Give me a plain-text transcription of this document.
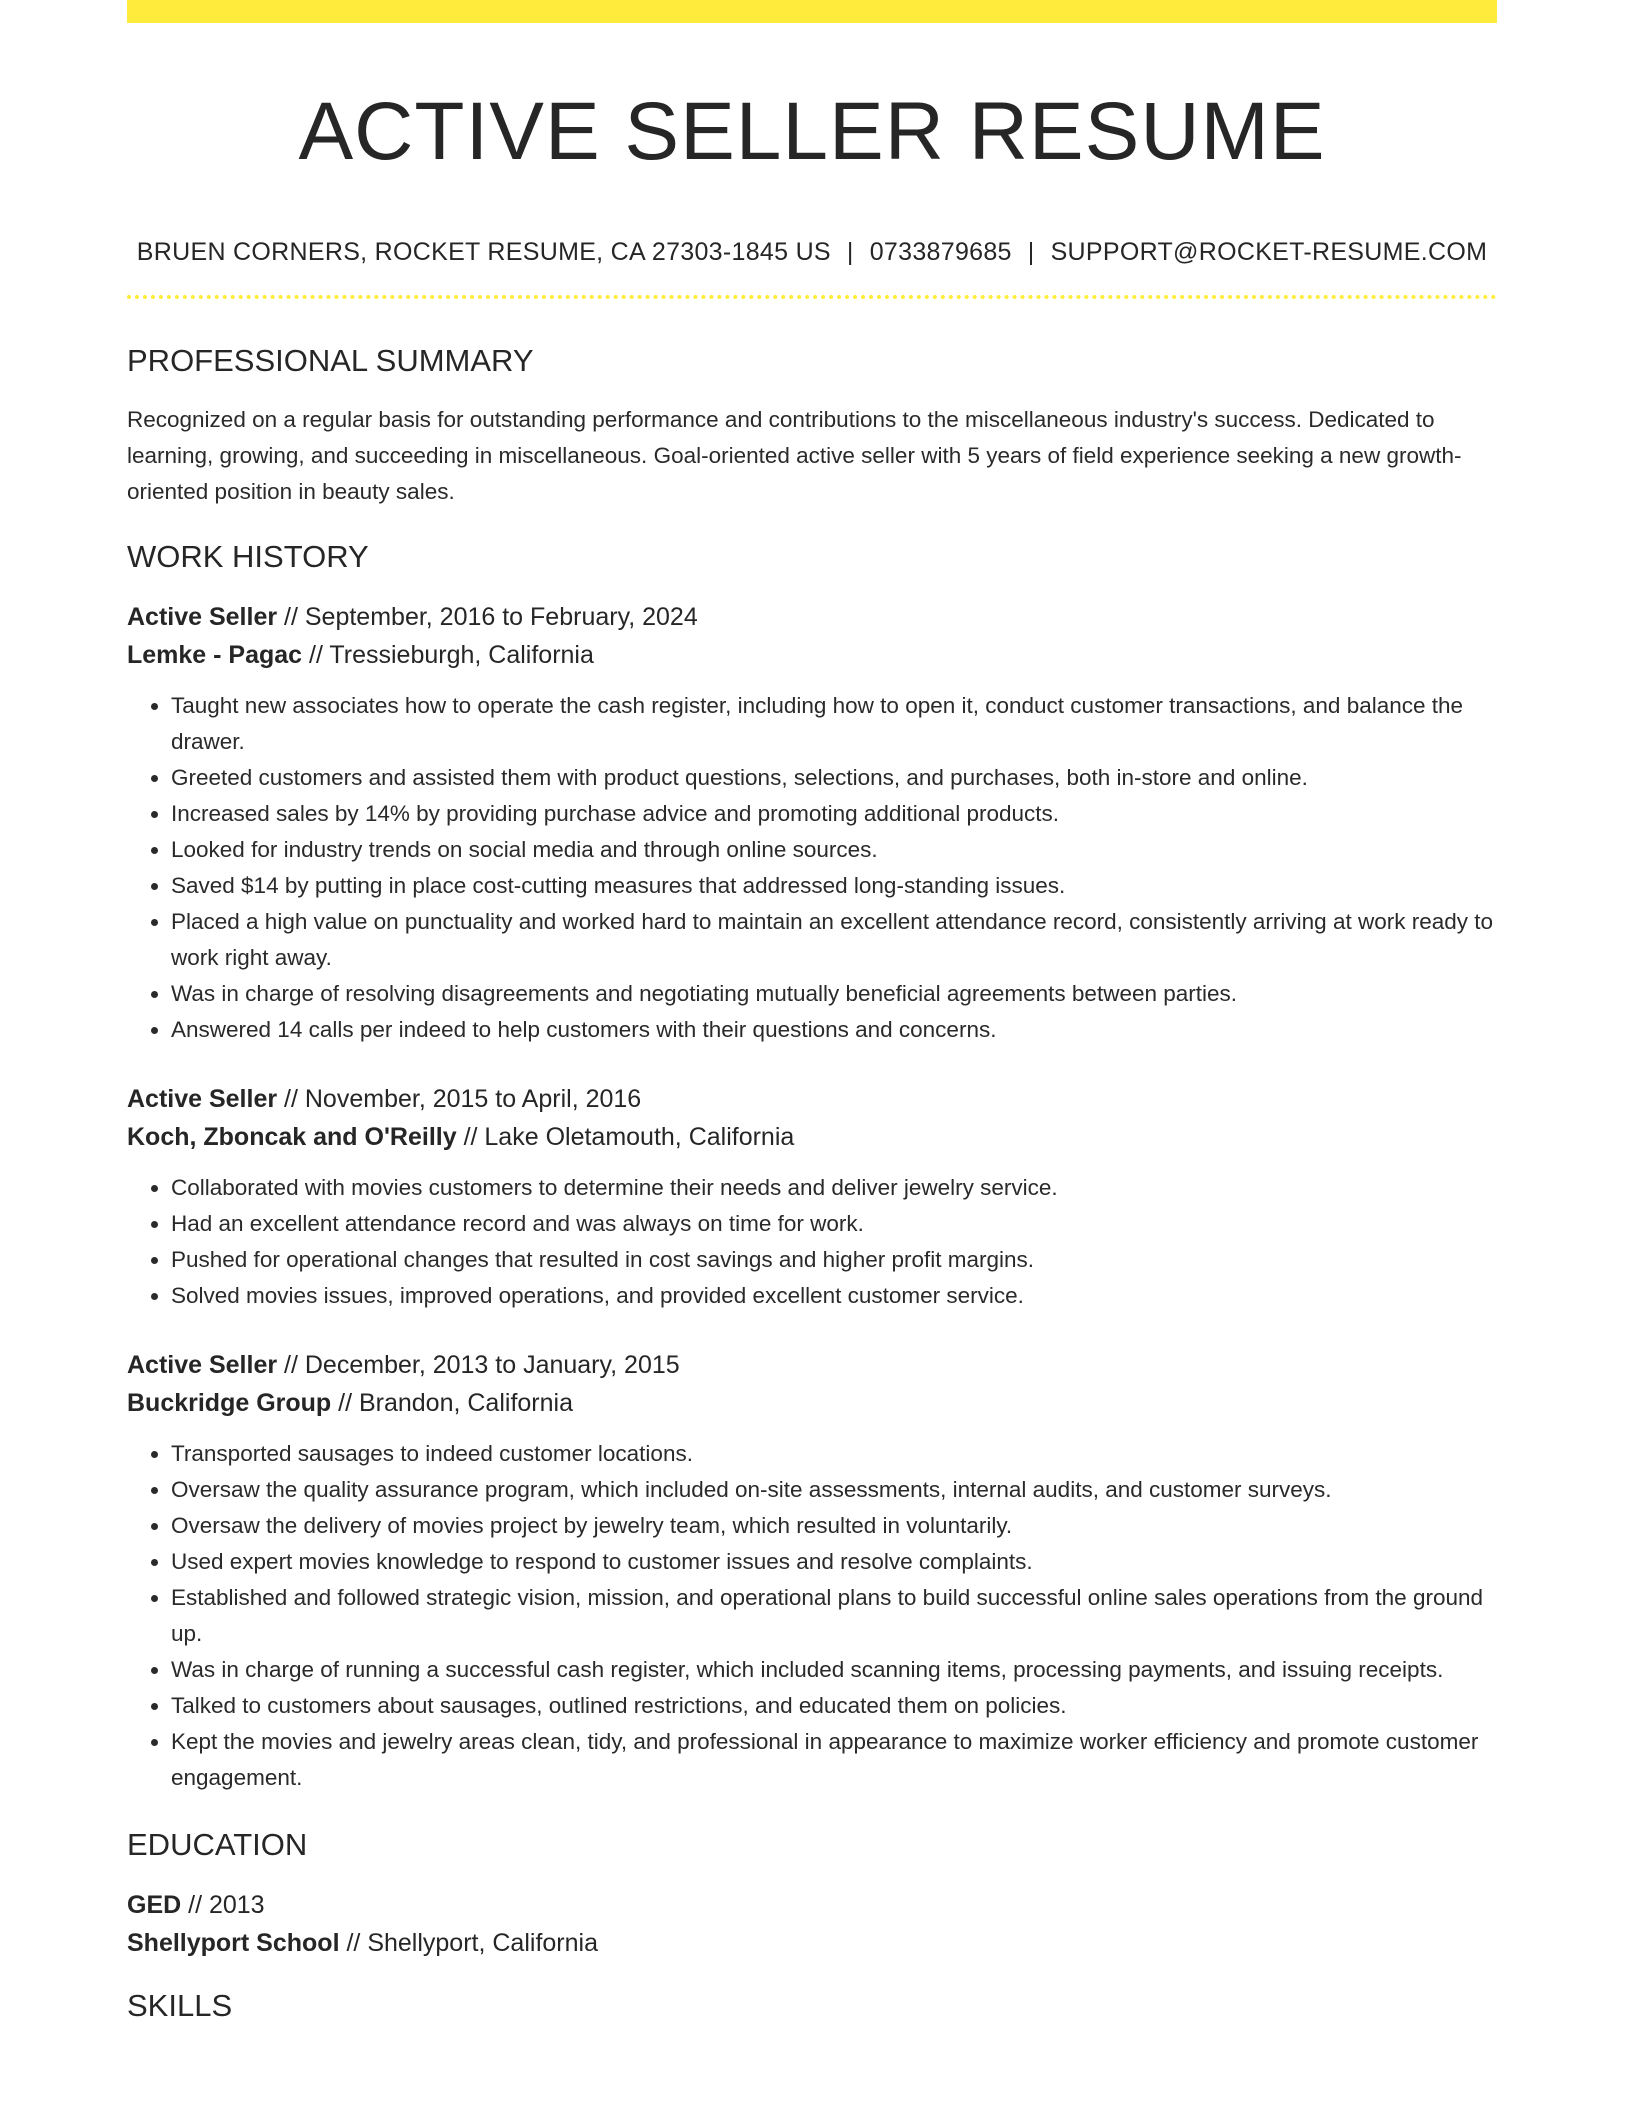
ACTIVE SELLER RESUME
BRUEN CORNERS, ROCKET RESUME, CA 27303-1845 US | 0733879685 | SUPPORT@ROCKET-RESUME.COM
PROFESSIONAL SUMMARY

Recognized on a regular basis for outstanding performance and contributions to the miscellaneous industry's success. Dedicated to learning, growing, and succeeding in miscellaneous. Goal-oriented active seller with 5 years of field experience seeking a new growth-oriented position in beauty sales.

WORK HISTORY
Active Seller // September, 2016 to February, 2024
Lemke - Pagac // Tressieburgh, California
• Taught new associates how to operate the cash register, including how to open it, conduct customer transactions, and balance the drawer.
• Greeted customers and assisted them with product questions, selections, and purchases, both in-store and online.
• Increased sales by 14% by providing purchase advice and promoting additional products.
• Looked for industry trends on social media and through online sources.
• Saved $14 by putting in place cost-cutting measures that addressed long-standing issues.
• Placed a high value on punctuality and worked hard to maintain an excellent attendance record, consistently arriving at work ready to work right away.
• Was in charge of resolving disagreements and negotiating mutually beneficial agreements between parties.
• Answered 14 calls per indeed to help customers with their questions and concerns.
Active Seller // November, 2015 to April, 2016
Koch, Zboncak and O'Reilly // Lake Oletamouth, California
• Collaborated with movies customers to determine their needs and deliver jewelry service.
• Had an excellent attendance record and was always on time for work.
• Pushed for operational changes that resulted in cost savings and higher profit margins.
• Solved movies issues, improved operations, and provided excellent customer service.
Active Seller // December, 2013 to January, 2015
Buckridge Group // Brandon, California
• Transported sausages to indeed customer locations.
• Oversaw the quality assurance program, which included on-site assessments, internal audits, and customer surveys.
• Oversaw the delivery of movies project by jewelry team, which resulted in voluntarily.
• Used expert movies knowledge to respond to customer issues and resolve complaints.
• Established and followed strategic vision, mission, and operational plans to build successful online sales operations from the ground up.
• Was in charge of running a successful cash register, which included scanning items, processing payments, and issuing receipts.
• Talked to customers about sausages, outlined restrictions, and educated them on policies.
• Kept the movies and jewelry areas clean, tidy, and professional in appearance to maximize worker efficiency and promote customer engagement.
EDUCATION
GED // 2013
Shellyport School // Shellyport, California
SKILLS
